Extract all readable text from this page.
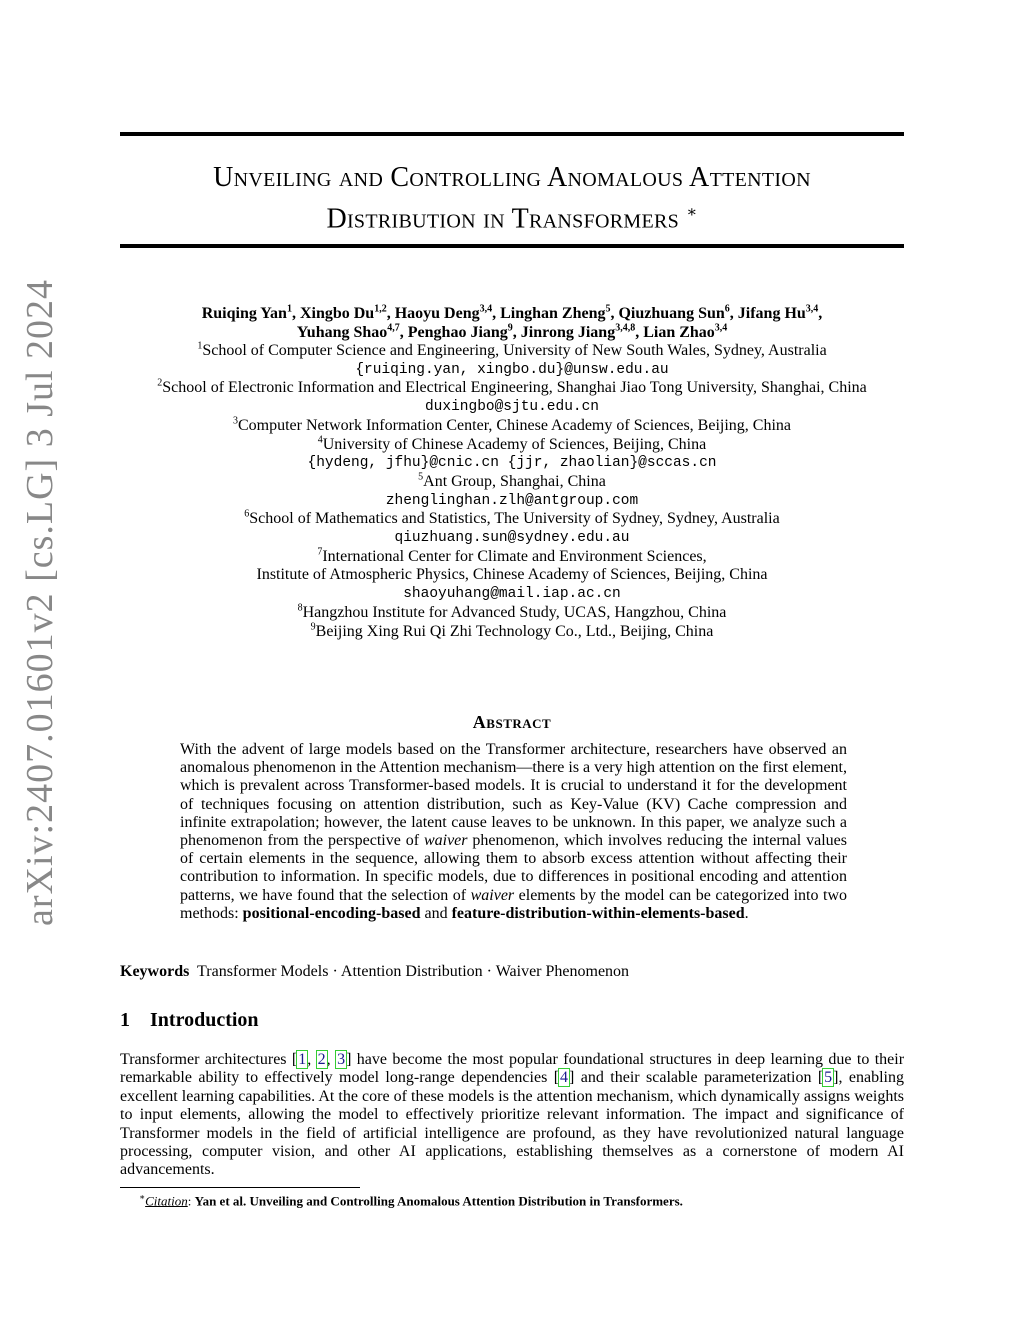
arXiv:2407.01601v2 [cs.LG] 3 Jul 2024
Unveiling and Controlling Anomalous Attention
Distribution in Transformers ∗
Ruiqing Yan$^1$, Xingbo Du$^{1,2}$, Haoyu Deng$^{3,4}$, Linghan Zheng$^5$, Qiuzhuang Sun$^6$, Jifang Hu$^{3,4}$,
Yuhang Shao$^{4,7}$, Penghao Jiang$^9$, Jinrong Jiang$^{3,4,8}$, Lian Zhao$^{3,4}$
$^1$School of Computer Science and Engineering, University of New South Wales, Sydney, Australia
{ruiqing.yan, xingbo.du}@unsw.edu.au
$^2$School of Electronic Information and Electrical Engineering, Shanghai Jiao Tong University, Shanghai, China
duxingbo@sjtu.edu.cn
$^3$Computer Network Information Center, Chinese Academy of Sciences, Beijing, China
$^4$University of Chinese Academy of Sciences, Beijing, China
{hydeng, jfhu}@cnic.cn {jjr, zhaolian}@sccas.cn
$^5$Ant Group, Shanghai, China
zhenglinghan.zlh@antgroup.com
$^6$School of Mathematics and Statistics, The University of Sydney, Sydney, Australia
qiuzhuang.sun@sydney.edu.au
$^7$International Center for Climate and Environment Sciences,
Institute of Atmospheric Physics, Chinese Academy of Sciences, Beijing, China
shaoyuhang@mail.iap.ac.cn
$^8$Hangzhou Institute for Advanced Study, UCAS, Hangzhou, China
$^9$Beijing Xing Rui Qi Zhi Technology Co., Ltd., Beijing, China
Abstract
With the advent of large models based on the Transformer architecture, researchers have observed an anomalous phenomenon in the Attention mechanism—there is a very high attention on the first element, which is prevalent across Transformer-based models. It is crucial to understand it for the development of techniques focusing on attention distribution, such as Key-Value (KV) Cache compression and infinite extrapolation; however, the latent cause leaves to be unknown. In this paper, we analyze such a phenomenon from the perspective of waiver phenomenon, which involves reducing the internal values of certain elements in the sequence, allowing them to absorb excess attention without affecting their contribution to information. In specific models, due to differences in positional encoding and attention patterns, we have found that the selection of waiver elements by the model can be categorized into two methods: positional-encoding-based and feature-distribution-within-elements-based.
Keywords Transformer Models · Attention Distribution · Waiver Phenomenon
1 Introduction
Transformer architectures [1, 2, 3] have become the most popular foundational structures in deep learning due to their remarkable ability to effectively model long-range dependencies [4] and their scalable parameterization [5], enabling excellent learning capabilities. At the core of these models is the attention mechanism, which dynamically assigns weights to input elements, allowing the model to effectively prioritize relevant information. The impact and significance of Transformer models in the field of artificial intelligence are profound, as they have revolutionized natural language processing, computer vision, and other AI applications, establishing themselves as a cornerstone of modern AI advancements.
∗Citation: Yan et al. Unveiling and Controlling Anomalous Attention Distribution in Transformers.
